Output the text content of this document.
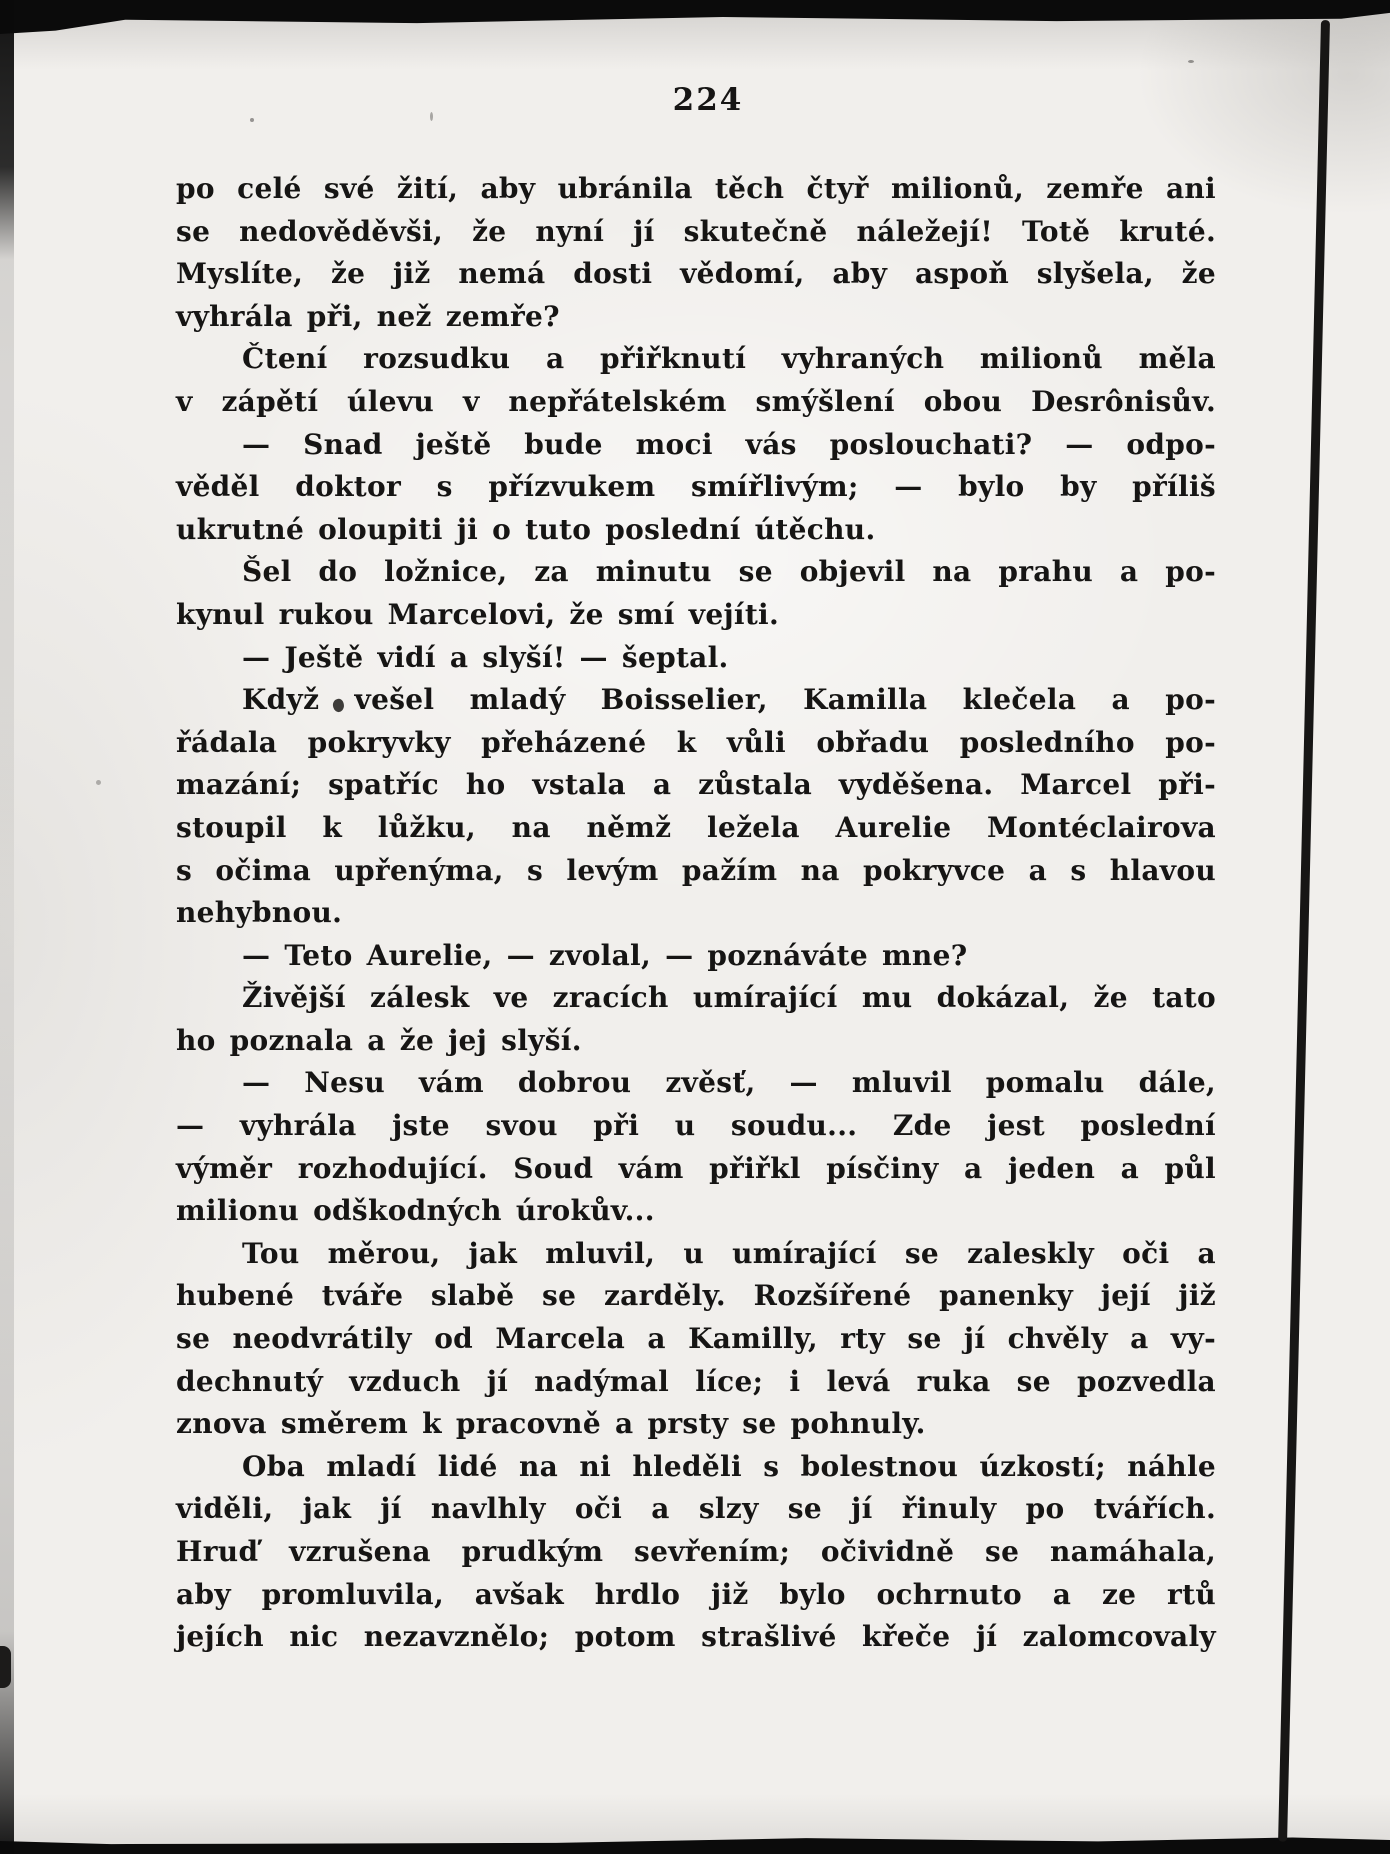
224
po celé své žití, aby ubránila těch čtyř milionů, zemře ani
se nedověděvši, že nyní jí skutečně náležejí! Totě kruté.
Myslíte, že již nemá dosti vědomí, aby aspoň slyšela, že
vyhrála při, než zemře?
Čtení rozsudku a přiřknutí vyhraných milionů měla
v zápětí úlevu v nepřátelském smýšlení obou Desrônisův.
— Snad ještě bude moci vás poslouchati? — odpo-
věděl doktor s přízvukem smířlivým; — bylo by příliš
ukrutné oloupiti ji o tuto poslední útěchu.
Šel do ložnice, za minutu se objevil na prahu a po-
kynul rukou Marcelovi, že smí vejíti.
— Ještě vidí a slyší! — šeptal.
Když vešel mladý Boisselier, Kamilla klečela a po-
řádala pokryvky přeházené k vůli obřadu posledního po-
mazání; spatříc ho vstala a zůstala vyděšena. Marcel při-
stoupil k lůžku, na němž ležela Aurelie Montéclairova
s očima upřenýma, s levým pažím na pokryvce a s hlavou
nehybnou.
— Teto Aurelie, — zvolal, — poznáváte mne?
Živější zálesk ve zracích umírající mu dokázal, že tato
ho poznala a že jej slyší.
— Nesu vám dobrou zvěsť, — mluvil pomalu dále,
— vyhrála jste svou při u soudu... Zde jest poslední
výměr rozhodující. Soud vám přiřkl písčiny a jeden a půl
milionu odškodných úrokův...
Tou měrou, jak mluvil, u umírající se zaleskly oči a
hubené tváře slabě se zarděly. Rozšířené panenky její již
se neodvrátily od Marcela a Kamilly, rty se jí chvěly a vy-
dechnutý vzduch jí nadýmal líce; i levá ruka se pozvedla
znova směrem k pracovně a prsty se pohnuly.
Oba mladí lidé na ni hleděli s bolestnou úzkostí; náhle
viděli, jak jí navlhly oči a slzy se jí řinuly po tvářích.
Hruď vzrušena prudkým sevřením; očividně se namáhala,
aby promluvila, avšak hrdlo již bylo ochrnuto a ze rtů
jejích nic nezavznělo; potom strašlivé křeče jí zalomcovaly
